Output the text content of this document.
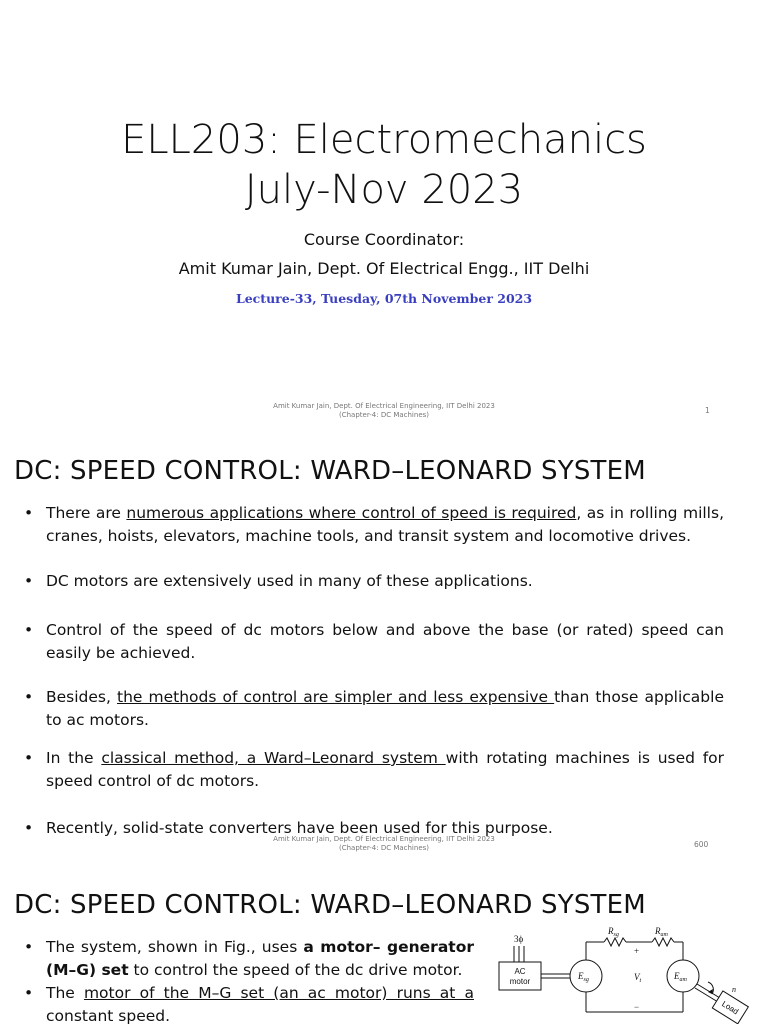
ELL203: Electromechanics
July-Nov 2023
Course Coordinator:
Amit Kumar Jain, Dept. Of Electrical Engg., IIT Delhi
Lecture-33, Tuesday, 07th November 2023
Amit Kumar Jain, Dept. Of Electrical Engineering, IIT Delhi 2023
(Chapter-4: DC Machines)	1
DC: SPEED CONTROL: WARD–LEONARD SYSTEM
• There are numerous applications where control of speed is required, as in rolling mills, cranes, hoists, elevators, machine tools, and transit system and locomotive drives.
• DC motors are extensively used in many of these applications.
• Control of the speed of dc motors below and above the base (or rated) speed can easily be achieved.
• Besides, the methods of control are simpler and less expensive than those applicable to ac motors.
• In the classical method, a Ward–Leonard system with rotating machines is used for speed control of dc motors.
• Recently, solid-state converters have been used for this purpose.
Amit Kumar Jain, Dept. Of Electrical Engineering, IIT Delhi 2023
(Chapter-4: DC Machines)	600
DC: SPEED CONTROL: WARD–LEONARD SYSTEM
• The system, shown in Fig., uses a motor– generator (M–G) set to control the speed of the dc drive motor.
• The motor of the M–G set (an ac motor) runs at a constant speed.
3ϕ
AC
motor
$E_{sg}$
$R_{sg}$	$R_{am}$
+
$V_t$
−
$E_{am}$
n
Load
